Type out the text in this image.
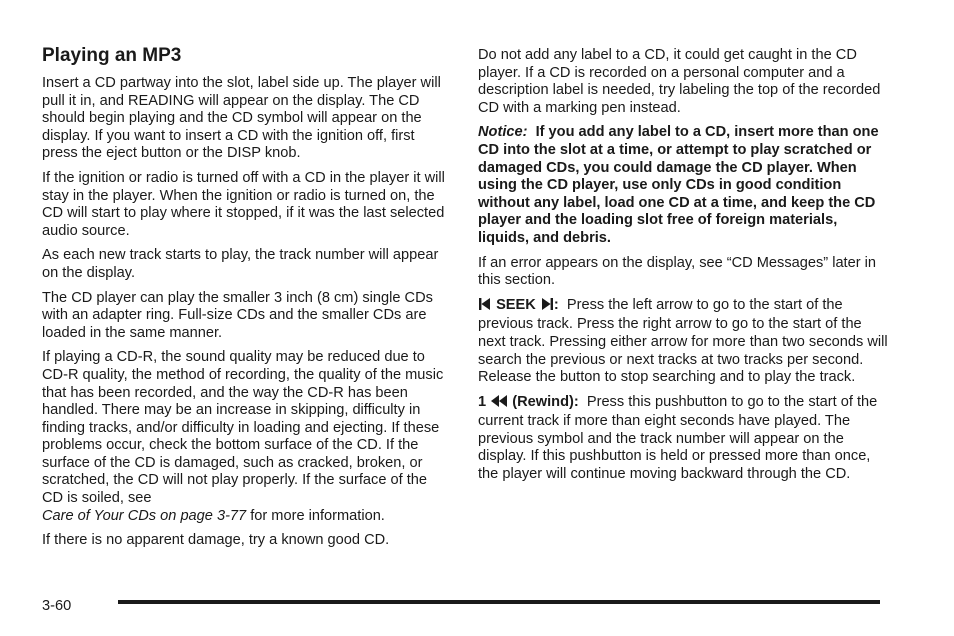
Playing an MP3

Insert a CD partway into the slot, label side up. The player will pull it in, and READING will appear on the display. The CD should begin playing and the CD symbol will appear on the display. If you want to insert a CD with the ignition off, first press the eject button or the DISP knob.

If the ignition or radio is turned off with a CD in the player it will stay in the player. When the ignition or radio is turned on, the CD will start to play where it stopped, if it was the last selected audio source.

As each new track starts to play, the track number will appear on the display.

The CD player can play the smaller 3 inch (8 cm) single CDs with an adapter ring. Full-size CDs and the smaller CDs are loaded in the same manner.

If playing a CD-R, the sound quality may be reduced due to CD-R quality, the method of recording, the quality of the music that has been recorded, and the way the CD-R has been handled. There may be an increase in skipping, difficulty in finding tracks, and/or difficulty in loading and ejecting. If these problems occur, check the bottom surface of the CD. If the surface of the CD is damaged, such as cracked, broken, or scratched, the CD will not play properly. If the surface of the CD is soiled, see
Care of Your CDs on page 3-77 for more information.

If there is no apparent damage, try a known good CD.

Do not add any label to a CD, it could get caught in the CD player. If a CD is recorded on a personal computer and a description label is needed, try labeling the top of the recorded CD with a marking pen instead.

Notice: If you add any label to a CD, insert more than one CD into the slot at a time, or attempt to play scratched or damaged CDs, you could damage the CD player. When using the CD player, use only CDs in good condition without any label, load one CD at a time, and keep the CD player and the loading slot free of foreign materials, liquids, and debris.

If an error appears on the display, see “CD Messages” later in this section.

SEEK : Press the left arrow to go to the start of the previous track. Press the right arrow to go to the start of the next track. Pressing either arrow for more than two seconds will search the previous or next tracks at two tracks per second. Release the button to stop searching and to play the track.

1 (Rewind): Press this pushbutton to go to the start of the current track if more than eight seconds have played. The previous symbol and the track number will appear on the display. If this pushbutton is held or pressed more than once, the player will continue moving backward through the CD.

3-60
